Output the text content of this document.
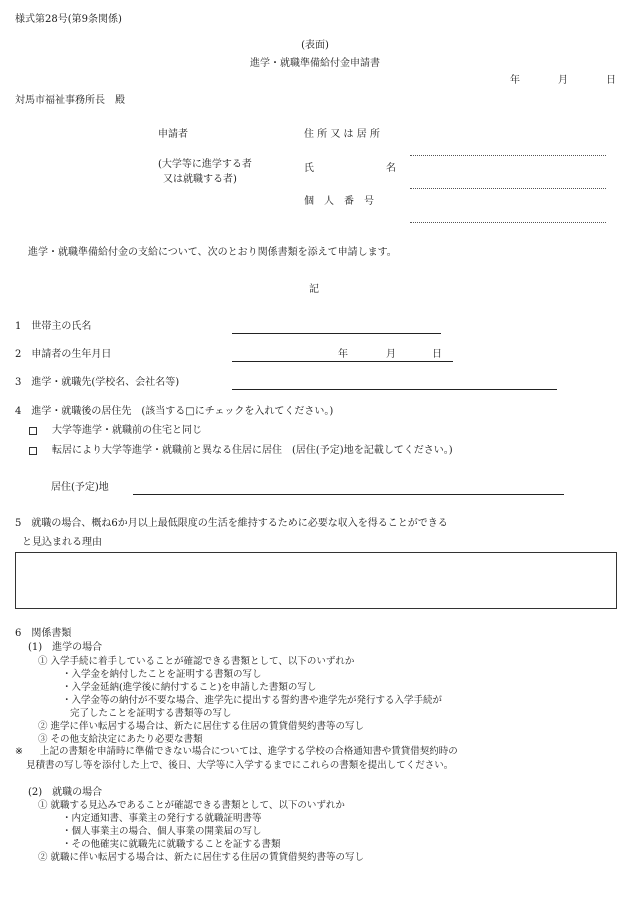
様式第28号(第9条関係)
(表面)
進学・就職準備給付金申請書
年	月	日
対馬市福祉事務所長　殿
申請者
(大学等に進学する者
又は就職する者)
住 所 又 は 居 所
氏	名
個　人　番　号
進学・就職準備給付金の支給について、次のとおり関係書類を添えて申請します。
記
1　世帯主の氏名
2　申請者の生年月日	年	月	日
3　進学・就職先(学校名、会社名等)
4　進学・就職後の居住先　(該当する□にチェックを入れてください。)
大学等進学・就職前の住宅と同じ
転居により大学等進学・就職前と異なる住居に居住　(居住(予定)地を記載してください。)
居住(予定)地
5　就職の場合、概ね6か月以上最低限度の生活を維持するために必要な収入を得ることができる
と見込まれる理由
6　関係書類
(1)　進学の場合
① 入学手続に着手していることが確認できる書類として、以下のいずれか
・入学金を納付したことを証明する書類の写し
・入学金延納(進学後に納付すること)を申請した書類の写し
・入学金等の納付が不要な場合、進学先に提出する誓約書や進学先が発行する入学手続が
完了したことを証明する書類等の写し
② 進学に伴い転居する場合は、新たに居住する住居の賃貸借契約書等の写し
③ その他支給決定にあたり必要な書類
※ 上記の書類を申請時に準備できない場合については、進学する学校の合格通知書や賃貸借契約時の
見積書の写し等を添付した上で、後日、大学等に入学するまでにこれらの書類を提出してください。
(2)　就職の場合
① 就職する見込みであることが確認できる書類として、以下のいずれか
・内定通知書、事業主の発行する就職証明書等
・個人事業主の場合、個人事業の開業届の写し
・その他確実に就職先に就職することを証する書類
② 就職に伴い転居する場合は、新たに居住する住居の賃貸借契約書等の写し
